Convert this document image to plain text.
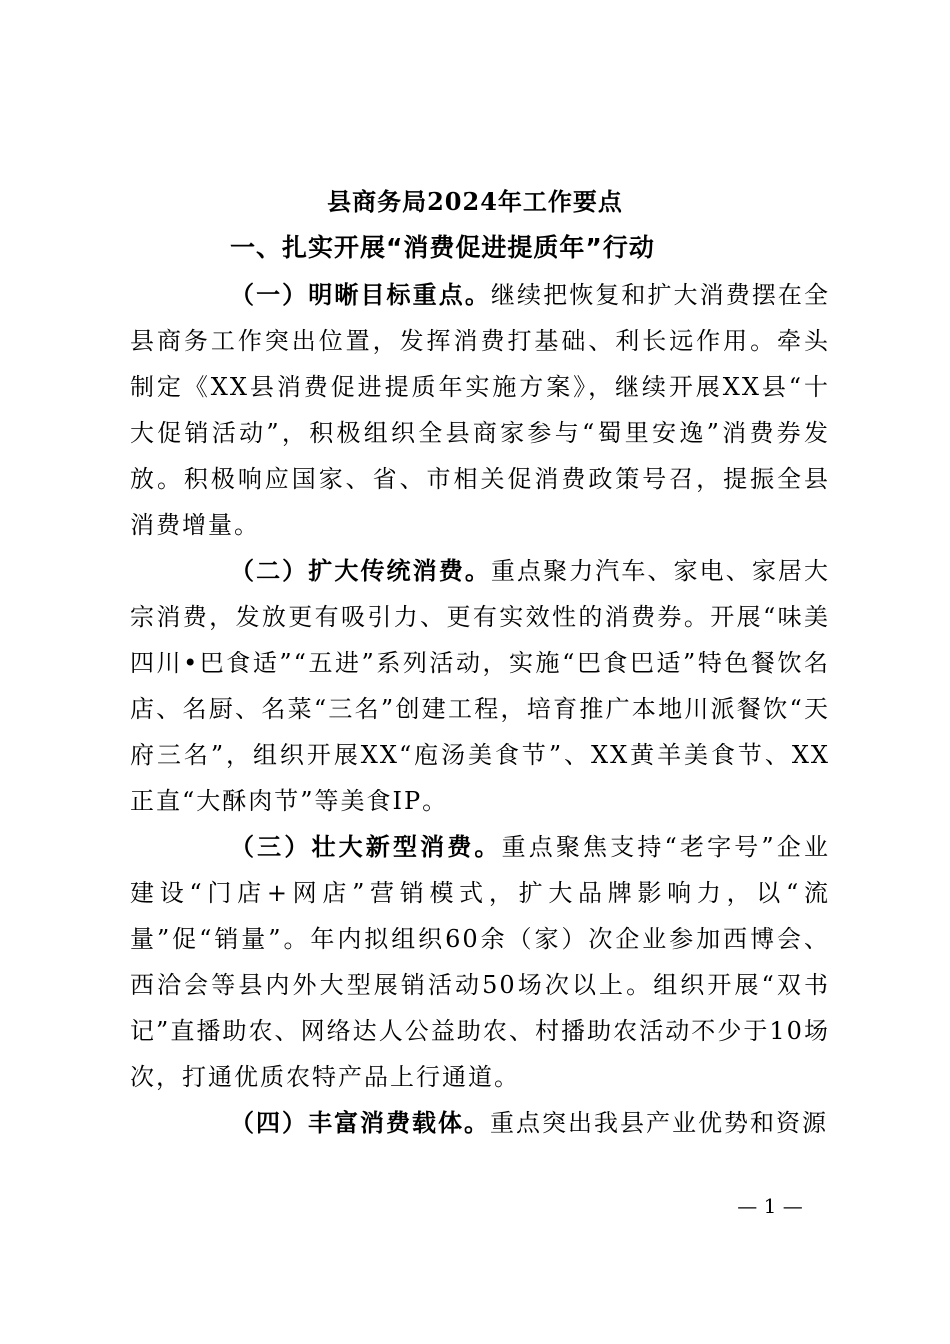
县商务局2024年工作要点
一、扎实开展“消费促进提质年”行动

（一）明晰目标重点。继续把恢复和扩大消费摆在全县商务工作突出位置，发挥消费打基础、利长远作用。牵头制定《XX县消费促进提质年实施方案》，继续开展XX县“十大促销活动”，积极组织全县商家参与“蜀里安逸”消费券发放。积极响应国家、省、市相关促消费政策号召，提振全县消费增量。

（二）扩大传统消费。重点聚力汽车、家电、家居大宗消费，发放更有吸引力、更有实效性的消费券。开展“味美四川•巴食适”“五进”系列活动，实施“巴食巴适”特色餐饮名店、名厨、名菜“三名”创建工程，培育推广本地川派餐饮“天府三名”，组织开展XX“庖汤美食节”、XX黄羊美食节、XX正直“大酥肉节”等美食IP。

（三）壮大新型消费。重点聚焦支持“老字号”企业建设“门店+网店”营销模式，扩大品牌影响力，以“流量”促“销量”。年内拟组织60余（家）次企业参加西博会、西洽会等县内外大型展销活动50场次以上。组织开展“双书记”直播助农、网络达人公益助农、村播助农活动不少于10场次，打通优质农特产品上行通道。

（四）丰富消费载体。重点突出我县产业优势和资源

— 1 —
